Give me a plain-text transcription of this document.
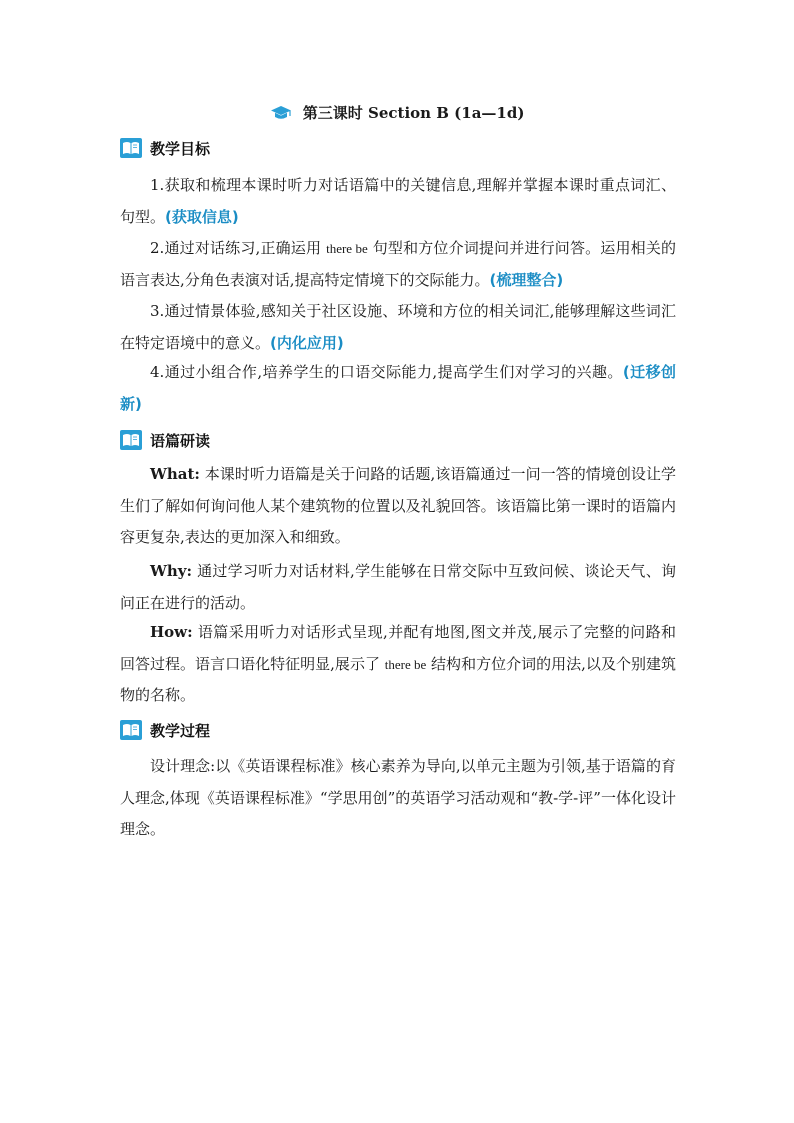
第三课时 Section B (1a—1d)
教学目标
1.获取和梳理本课时听力对话语篇中的关键信息,理解并掌握本课时重点词汇、句型。(获取信息)
2.通过对话练习,正确运用 there be 句型和方位介词提问并进行问答。运用相关的语言表达,分角色表演对话,提高特定情境下的交际能力。(梳理整合)
3.通过情景体验,感知关于社区设施、环境和方位的相关词汇,能够理解这些词汇在特定语境中的意义。(内化应用)
4.通过小组合作,培养学生的口语交际能力,提高学生们对学习的兴趣。(迁移创新)
语篇研读
What: 本课时听力语篇是关于问路的话题,该语篇通过一问一答的情境创设让学生们了解如何询问他人某个建筑物的位置以及礼貌回答。该语篇比第一课时的语篇内容更复杂,表达的更加深入和细致。
Why: 通过学习听力对话材料,学生能够在日常交际中互致问候、谈论天气、询问正在进行的活动。
How: 语篇采用听力对话形式呈现,并配有地图,图文并茂,展示了完整的问路和回答过程。语言口语化特征明显,展示了 there be 结构和方位介词的用法,以及个别建筑物的名称。
教学过程
设计理念:以《英语课程标准》核心素养为导向,以单元主题为引领,基于语篇的育人理念,体现《英语课程标准》“学思用创”的英语学习活动观和“教-学-评”一体化设计理念。
